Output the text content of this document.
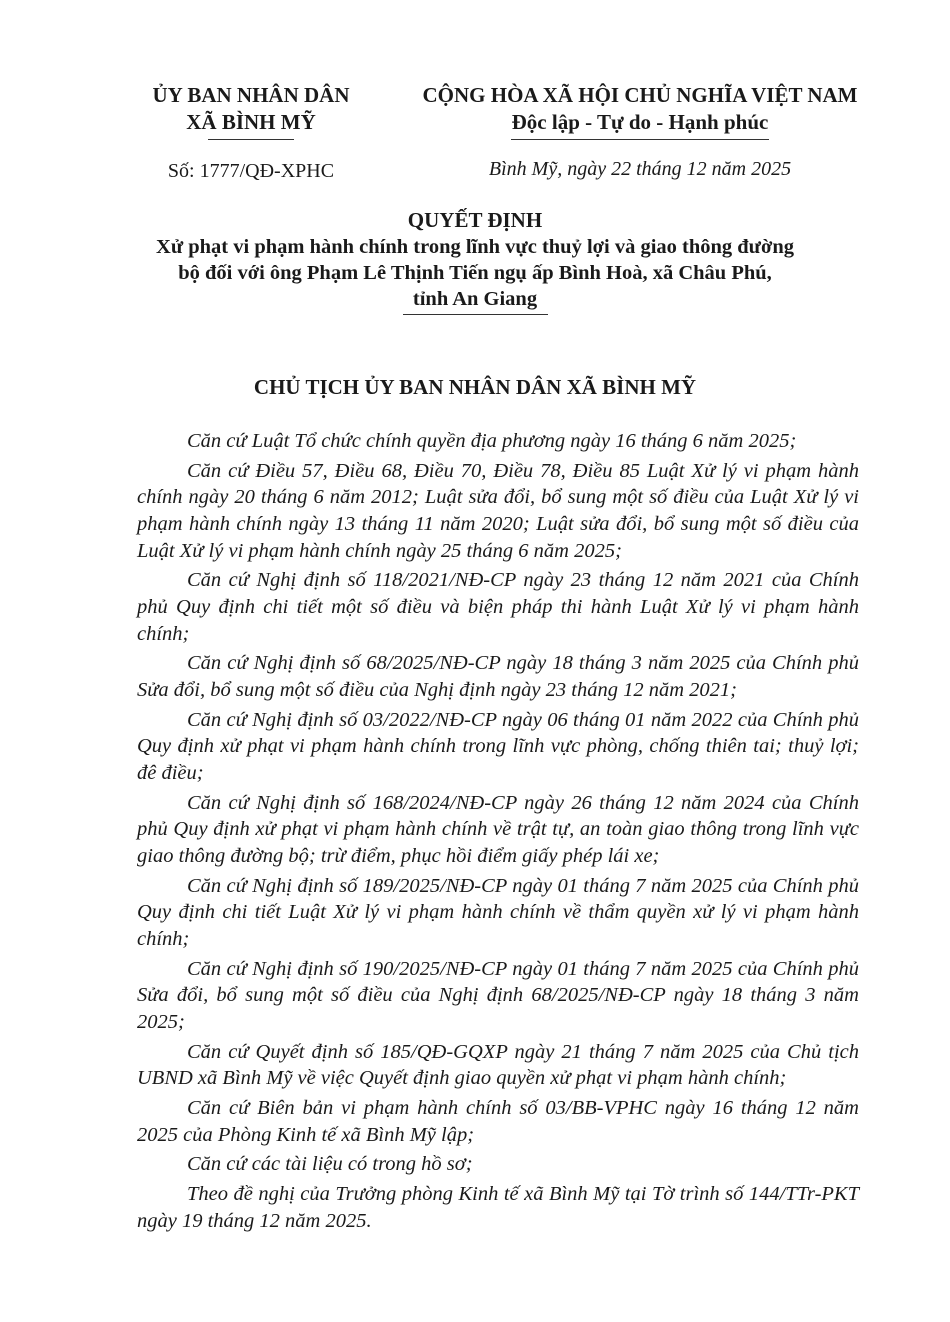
ỦY BAN NHÂN DÂN
XÃ BÌNH MỸ
CỘNG HÒA XÃ HỘI CHỦ NGHĨA VIỆT NAM
Độc lập - Tự do - Hạnh phúc
Số: 1777/QĐ-XPHC	Bình Mỹ, ngày 22 tháng 12 năm 2025
QUYẾT ĐỊNH
Xử phạt vi phạm hành chính trong lĩnh vực thuỷ lợi và giao thông đường
bộ đối với ông Phạm Lê Thịnh Tiến ngụ ấp Bình Hoà, xã Châu Phú,
tỉnh An Giang
CHỦ TỊCH ỦY BAN NHÂN DÂN XÃ BÌNH MỸ

Căn cứ Luật Tổ chức chính quyền địa phương ngày 16 tháng 6 năm 2025;

Căn cứ Điều 57, Điều 68, Điều 70, Điều 78, Điều 85 Luật Xử lý vi phạm hành chính ngày 20 tháng 6 năm 2012; Luật sửa đổi, bổ sung một số điều của Luật Xử lý vi phạm hành chính ngày 13 tháng 11 năm 2020; Luật sửa đổi, bổ sung một số điều của Luật Xử lý vi phạm hành chính ngày 25 tháng 6 năm 2025;

Căn cứ Nghị định số 118/2021/NĐ-CP ngày 23 tháng 12 năm 2021 của Chính phủ Quy định chi tiết một số điều và biện pháp thi hành Luật Xử lý vi phạm hành chính;

Căn cứ Nghị định số 68/2025/NĐ-CP ngày 18 tháng 3 năm 2025 của Chính phủ Sửa đổi, bổ sung một số điều của Nghị định ngày 23 tháng 12 năm 2021;

Căn cứ Nghị định số 03/2022/NĐ-CP ngày 06 tháng 01 năm 2022 của Chính phủ Quy định xử phạt vi phạm hành chính trong lĩnh vực phòng, chống thiên tai; thuỷ lợi; đê điều;

Căn cứ Nghị định số 168/2024/NĐ-CP ngày 26 tháng 12 năm 2024 của Chính phủ Quy định xử phạt vi phạm hành chính về trật tự, an toàn giao thông trong lĩnh vực giao thông đường bộ; trừ điểm, phục hồi điểm giấy phép lái xe;

Căn cứ Nghị định số 189/2025/NĐ-CP ngày 01 tháng 7 năm 2025 của Chính phủ Quy định chi tiết Luật Xử lý vi phạm hành chính về thẩm quyền xử lý vi phạm hành chính;

Căn cứ Nghị định số 190/2025/NĐ-CP ngày 01 tháng 7 năm 2025 của Chính phủ Sửa đổi, bổ sung một số điều của Nghị định 68/2025/NĐ-CP ngày 18 tháng 3 năm 2025;

Căn cứ Quyết định số 185/QĐ-GQXP ngày 21 tháng 7 năm 2025 của Chủ tịch UBND xã Bình Mỹ về việc Quyết định giao quyền xử phạt vi phạm hành chính;

Căn cứ Biên bản vi phạm hành chính số 03/BB-VPHC ngày 16 tháng 12 năm 2025 của Phòng Kinh tế xã Bình Mỹ lập;

Căn cứ các tài liệu có trong hồ sơ;

Theo đề nghị của Trưởng phòng Kinh tế xã Bình Mỹ tại Tờ trình số 144/TTr-PKT ngày 19 tháng 12 năm 2025.
